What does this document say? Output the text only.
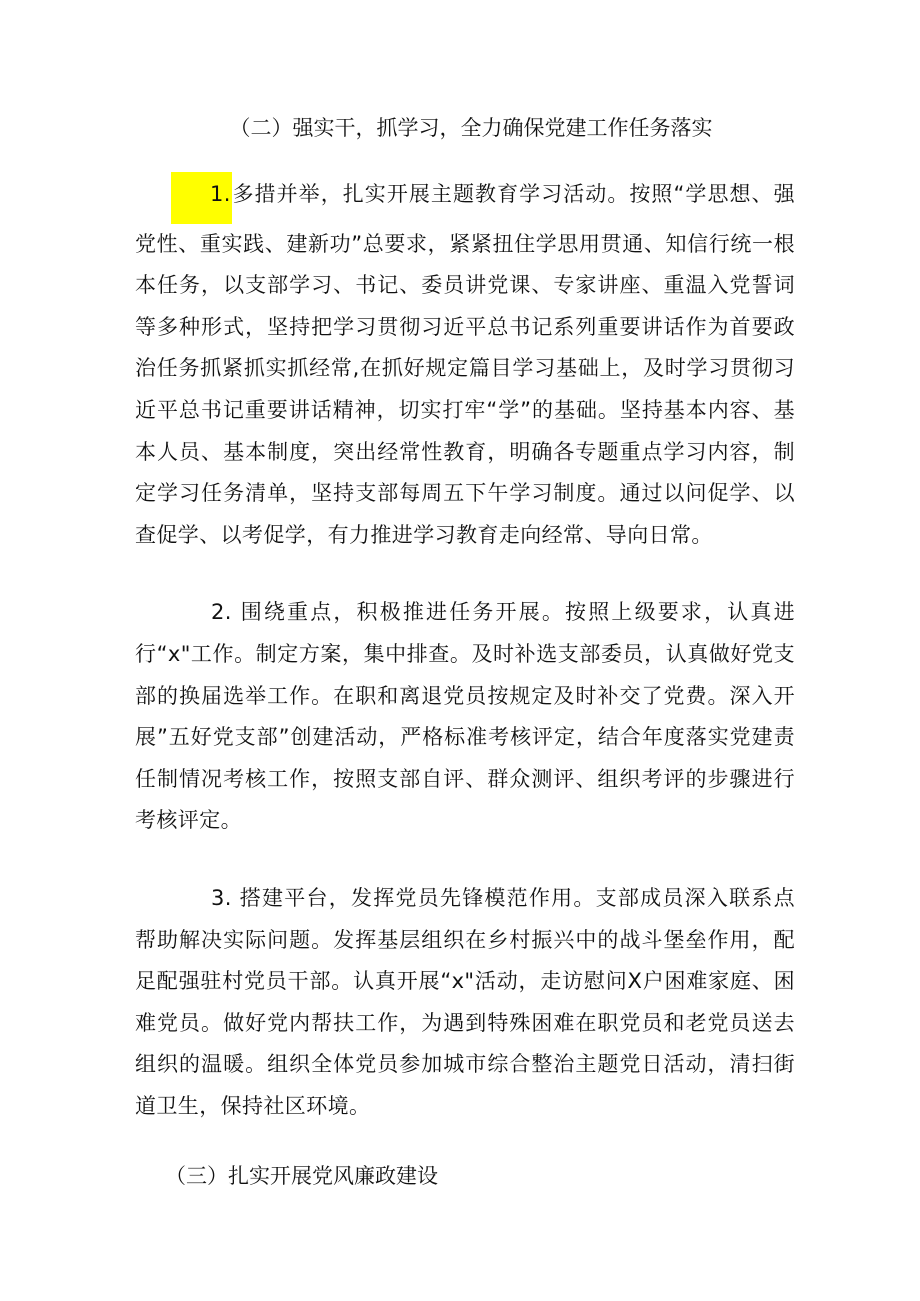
（二）强实干，抓学习，全力确保党建工作任务落实

1.多措并举，扎实开展主题教育学习活动。按照“学思想、强党性、重实践、建新功”总要求，紧紧扭住学思用贯通、知信行统一根本任务，以支部学习、书记、委员讲党课、专家讲座、重温入党誓词等多种形式，坚持把学习贯彻习近平总书记系列重要讲话作为首要政治任务抓紧抓实抓经常,在抓好规定篇目学习基础上，及时学习贯彻习近平总书记重要讲话精神，切实打牢“学”的基础。坚持基本内容、基本人员、基本制度，突出经常性教育，明确各专题重点学习内容，制定学习任务清单，坚持支部每周五下午学习制度。通过以问促学、以查促学、以考促学，有力推进学习教育走向经常、导向日常。

2. 围绕重点，积极推进任务开展。按照上级要求，认真进行“x"工作。制定方案，集中排查。及时补选支部委员，认真做好党支部的换届选举工作。在职和离退党员按规定及时补交了党费。深入开展”五好党支部”创建活动，严格标准考核评定，结合年度落实党建责任制情况考核工作，按照支部自评、群众测评、组织考评的步骤进行考核评定。

3. 搭建平台，发挥党员先锋模范作用。支部成员深入联系点帮助解决实际问题。发挥基层组织在乡村振兴中的战斗堡垒作用，配足配强驻村党员干部。认真开展“x"活动，走访慰问X户困难家庭、困难党员。做好党内帮扶工作，为遇到特殊困难在职党员和老党员送去组织的温暖。组织全体党员参加城市综合整治主题党日活动，清扫街道卫生，保持社区环境。

（三）扎实开展党风廉政建设
